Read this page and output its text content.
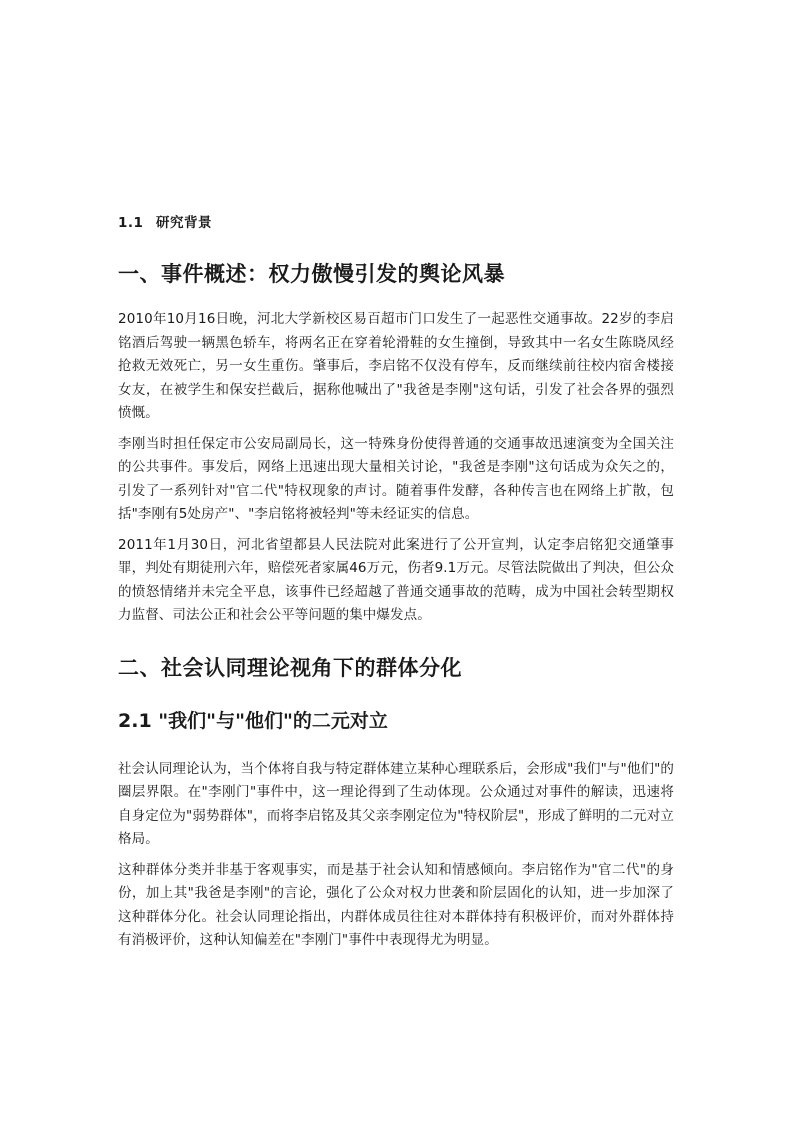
1.1 研究背景
一、事件概述：权力傲慢引发的舆论风暴

2010年10月16日晚，河北大学新校区易百超市门口发生了一起恶性交通事故。22岁的李启铭酒后驾驶一辆黑色轿车，将两名正在穿着轮滑鞋的女生撞倒，导致其中一名女生陈晓凤经抢救无效死亡，另一女生重伤。肇事后，李启铭不仅没有停车，反而继续前往校内宿舍楼接女友，在被学生和保安拦截后，据称他喊出了"我爸是李刚"这句话，引发了社会各界的强烈愤慨。

李刚当时担任保定市公安局副局长，这一特殊身份使得普通的交通事故迅速演变为全国关注的公共事件。事发后，网络上迅速出现大量相关讨论，"我爸是李刚"这句话成为众矢之的，引发了一系列针对"官二代"特权现象的声讨。随着事件发酵，各种传言也在网络上扩散，包括"李刚有5处房产"、"李启铭将被轻判"等未经证实的信息。

2011年1月30日，河北省望都县人民法院对此案进行了公开宣判，认定李启铭犯交通肇事罪，判处有期徒刑六年，赔偿死者家属46万元，伤者9.1万元。尽管法院做出了判决，但公众的愤怒情绪并未完全平息，该事件已经超越了普通交通事故的范畴，成为中国社会转型期权力监督、司法公正和社会公平等问题的集中爆发点。

二、社会认同理论视角下的群体分化
2.1 "我们"与"他们"的二元对立

社会认同理论认为，当个体将自我与特定群体建立某种心理联系后，会形成"我们"与"他们"的圈层界限。在"李刚门"事件中，这一理论得到了生动体现。公众通过对事件的解读，迅速将自身定位为"弱势群体"，而将李启铭及其父亲李刚定位为"特权阶层"，形成了鲜明的二元对立格局。

这种群体分类并非基于客观事实，而是基于社会认知和情感倾向。李启铭作为"官二代"的身份，加上其"我爸是李刚"的言论，强化了公众对权力世袭和阶层固化的认知，进一步加深了这种群体分化。社会认同理论指出，内群体成员往往对本群体持有积极评价，而对外群体持有消极评价，这种认知偏差在"李刚门"事件中表现得尤为明显。
